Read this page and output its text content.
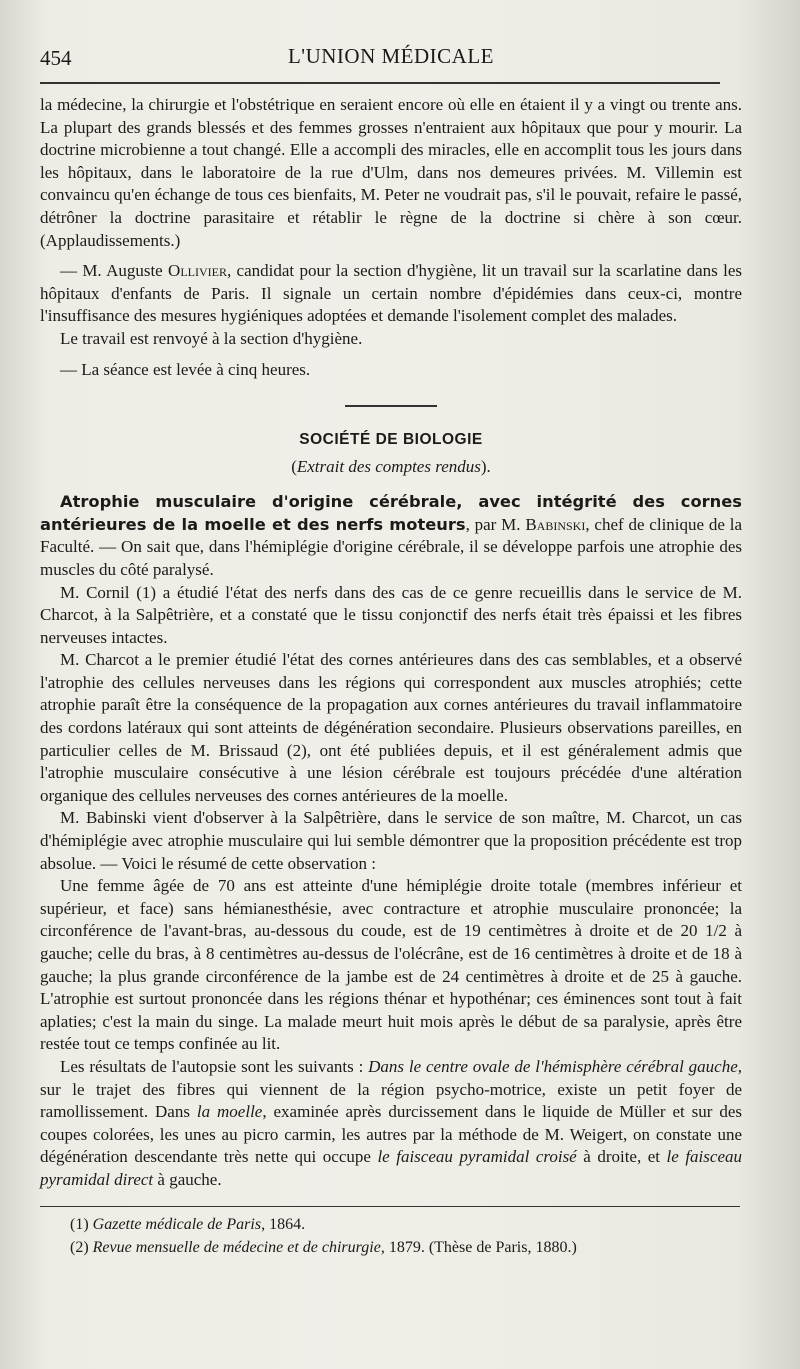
454	L'UNION MÉDICALE

la médecine, la chirurgie et l'obstétrique en seraient encore où elle en étaient il y a vingt ou trente ans. La plupart des grands blessés et des femmes grosses n'entraient aux hôpitaux que pour y mourir. La doctrine microbienne a tout changé. Elle a accompli des miracles, elle en accomplit tous les jours dans les hôpitaux, dans le laboratoire de la rue d'Ulm, dans nos demeures privées. M. Villemin est convaincu qu'en échange de tous ces bienfaits, M. Peter ne voudrait pas, s'il le pouvait, refaire le passé, détrôner la doctrine parasitaire et rétablir le règne de la doctrine si chère à son cœur. (Applaudissements.)

— M. Auguste Ollivier, candidat pour la section d'hygiène, lit un travail sur la scarlatine dans les hôpitaux d'enfants de Paris. Il signale un certain nombre d'épidémies dans ceux-ci, montre l'insuffisance des mesures hygiéniques adoptées et demande l'isolement complet des malades.

Le travail est renvoyé à la section d'hygiène.

— La séance est levée à cinq heures.

SOCIÉTÉ DE BIOLOGIE
(Extrait des comptes rendus).

Atrophie musculaire d'origine cérébrale, avec intégrité des cornes antérieures de la moelle et des nerfs moteurs, par M. Babinski, chef de clinique de la Faculté. — On sait que, dans l'hémiplégie d'origine cérébrale, il se développe parfois une atrophie des muscles du côté paralysé.

M. Cornil (1) a étudié l'état des nerfs dans des cas de ce genre recueillis dans le service de M. Charcot, à la Salpêtrière, et a constaté que le tissu conjonctif des nerfs était très épaissi et les fibres nerveuses intactes.

M. Charcot a le premier étudié l'état des cornes antérieures dans des cas semblables, et a observé l'atrophie des cellules nerveuses dans les régions qui correspondent aux muscles atrophiés; cette atrophie paraît être la conséquence de la propagation aux cornes antérieures du travail inflammatoire des cordons latéraux qui sont atteints de dégénération secondaire. Plusieurs observations pareilles, en particulier celles de M. Brissaud (2), ont été publiées depuis, et il est généralement admis que l'atrophie musculaire consécutive à une lésion cérébrale est toujours précédée d'une altération organique des cellules nerveuses des cornes antérieures de la moelle.

M. Babinski vient d'observer à la Salpêtrière, dans le service de son maître, M. Charcot, un cas d'hémiplégie avec atrophie musculaire qui lui semble démontrer que la proposition précédente est trop absolue. — Voici le résumé de cette observation :

Une femme âgée de 70 ans est atteinte d'une hémiplégie droite totale (membres inférieur et supérieur, et face) sans hémianesthésie, avec contracture et atrophie musculaire prononcée; la circonférence de l'avant-bras, au-dessous du coude, est de 19 centimètres à droite et de 20 1/2 à gauche; celle du bras, à 8 centimètres au-dessus de l'olécrâne, est de 16 centimètres à droite et de 18 à gauche; la plus grande circonférence de la jambe est de 24 centimètres à droite et de 25 à gauche. L'atrophie est surtout prononcée dans les régions thénar et hypothénar; ces éminences sont tout à fait aplaties; c'est la main du singe. La malade meurt huit mois après le début de sa paralysie, après être restée tout ce temps confinée au lit.

Les résultats de l'autopsie sont les suivants : Dans le centre ovale de l'hémisphère cérébral gauche, sur le trajet des fibres qui viennent de la région psycho-motrice, existe un petit foyer de ramollissement. Dans la moelle, examinée après durcissement dans le liquide de Müller et sur des coupes colorées, les unes au picro carmin, les autres par la méthode de M. Weigert, on constate une dégénération descendante très nette qui occupe le faisceau pyramidal croisé à droite, et le faisceau pyramidal direct à gauche.

(1) Gazette médicale de Paris, 1864.

(2) Revue mensuelle de médecine et de chirurgie, 1879. (Thèse de Paris, 1880.)
